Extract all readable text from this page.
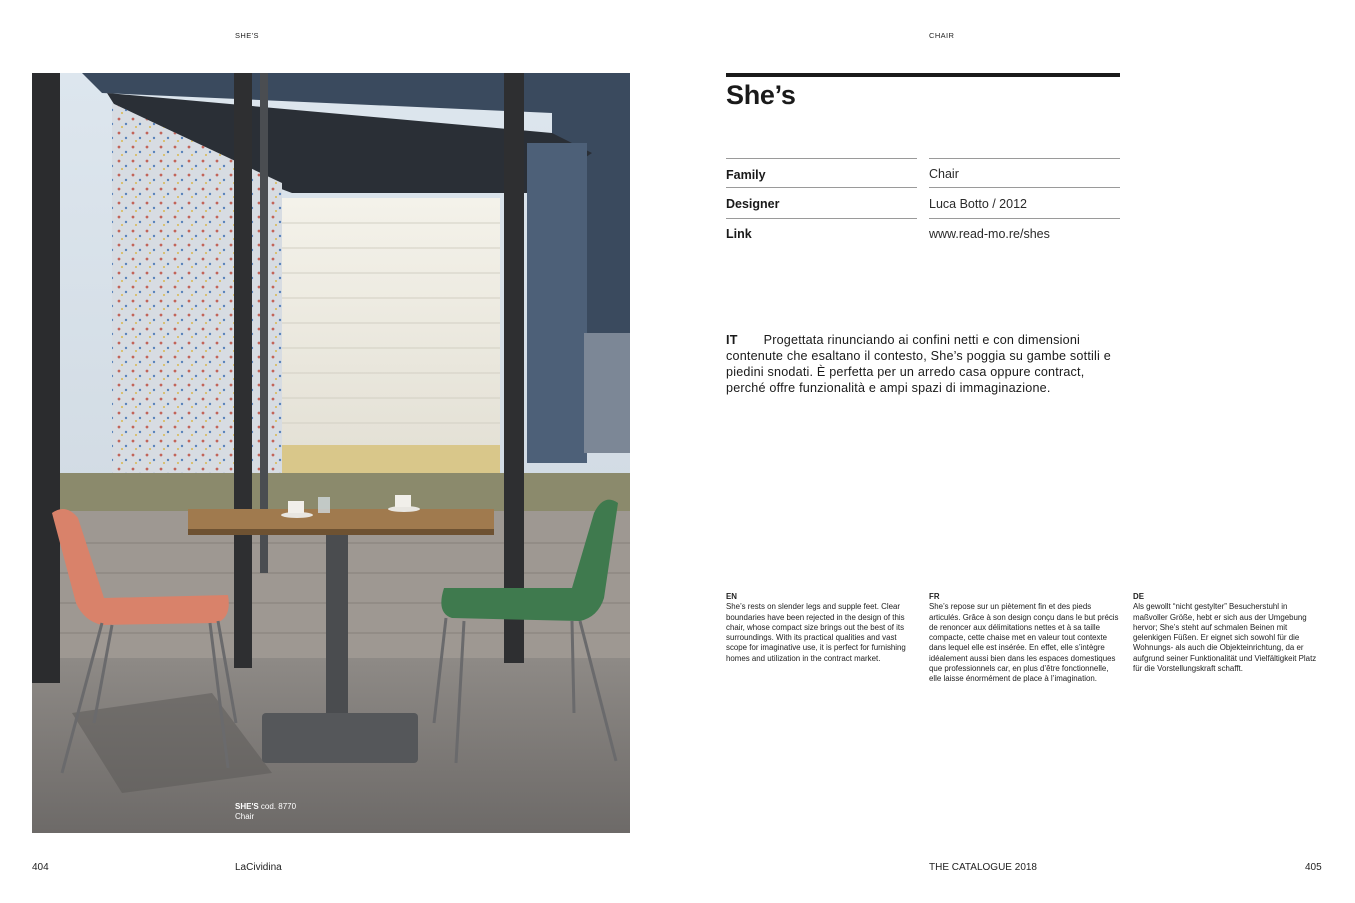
SHE'S	CHAIR
SHE'S cod. 8770
Chair
She’s
Family	Chair
Designer	Luca Botto / 2012
Link	www.read-mo.re/shes
IT Progettata rinunciando ai confini netti e con dimensioni contenute che esaltano il contesto, She’s poggia su gambe sottili e piedini snodati. È perfetta per un arredo casa oppure contract, perché offre funzionalità e ampi spazi di immaginazione.
EN

She’s rests on slender legs and supple feet. Clear boundaries have been rejected in the design of this chair, whose compact size brings out the best of its surroundings. With its practical qualities and vast scope for imaginative use, it is perfect for furnishing homes and utilization in the contract market.

FR

She’s repose sur un piètement fin et des pieds articulés. Grâce à son design conçu dans le but précis de renoncer aux délimitations nettes et à sa taille compacte, cette chaise met en valeur tout contexte dans lequel elle est insérée. En effet, elle s’intègre idéalement aussi bien dans les espaces domestiques que professionnels car, en plus d’être fonctionnelle, elle laisse énormément de place à l’imagination.

DE

Als gewollt “nicht gestylter” Besucherstuhl in maßvoller Größe, hebt er sich aus der Umgebung hervor; She’s steht auf schmalen Beinen mit gelenkigen Füßen. Er eignet sich sowohl für die Wohnungs- als auch die Objekteinrichtung, da er aufgrund seiner Funktionalität und Vielfältigkeit Platz für die Vorstellungskraft schafft.

404	LaCividina	THE CATALOGUE 2018	405
